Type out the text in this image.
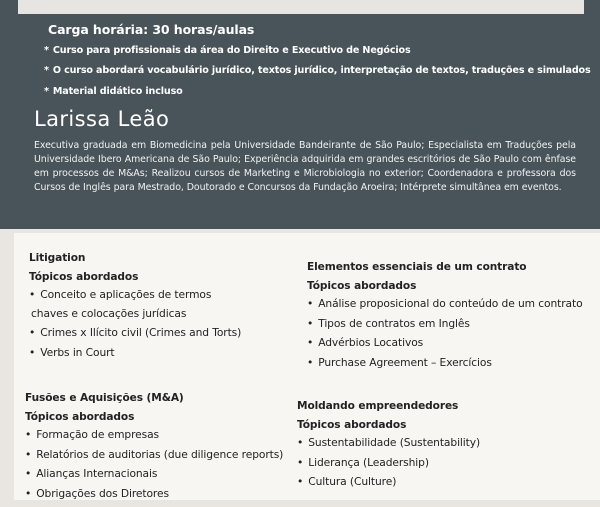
Carga horária: 30 horas/aulas
* Curso para profissionais da área do Direito e Executivo de Negócios
* O curso abordará vocabulário jurídico, textos jurídico, interpretação de textos, traduções e simulados
* Material didático incluso
Larissa Leão
Executiva graduada em Biomedicina pela Universidade Bandeirante de São Paulo; Especialista em Traduções pela Universidade Ibero Americana de São Paulo; Experiência adquirida em grandes escritórios de São Paulo com ênfase em processos de M&As; Realizou cursos de Marketing e Microbiologia no exterior; Coordenadora e professora dos Cursos de Inglês para Mestrado, Doutorado e Concursos da Fundação Aroeira; Intérprete simultânea em eventos.
Litigation
Tópicos abordados
• Conceito e aplicações de termos
chaves e colocações jurídicas
• Crimes x Ilícito civil (Crimes and Torts)
• Verbs in Court
Elementos essenciais de um contrato
Tópicos abordados
• Análise proposicional do conteúdo de um contrato
• Tipos de contratos em Inglês
• Advérbios Locativos
• Purchase Agreement – Exercícios
Fusões e Aquisições (M&A)
Tópicos abordados
• Formação de empresas
• Relatórios de auditorias (due diligence reports)
• Alianças Internacionais
• Obrigações dos Diretores
Moldando empreendedores
Tópicos abordados
• Sustentabilidade (Sustentability)
• Liderança (Leadership)
• Cultura (Culture)
